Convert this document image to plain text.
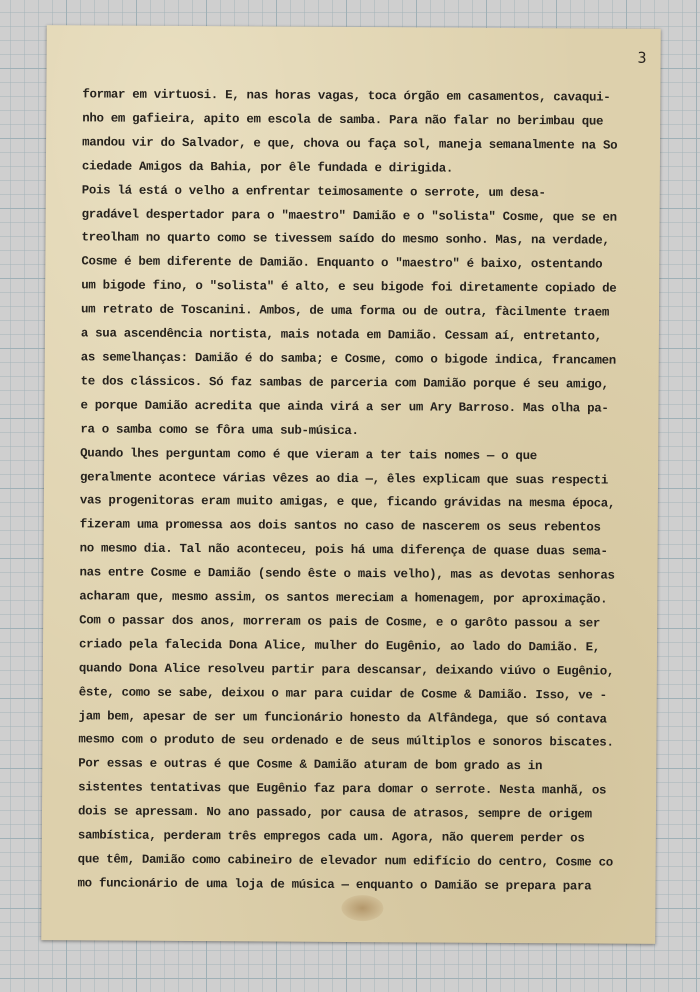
3
formar em virtuosi. E, nas horas vagas, toca órgão em casamentos, cavaqui-
nho em gafieira, apito em escola de samba. Para não falar no berimbau que
mandou vir do Salvador, e que, chova ou faça sol, maneja semanalmente na So
ciedade Amigos da Bahia, por êle fundada e dirigida.
Pois lá está o velho a enfrentar teimosamente o serrote, um desa-
gradável despertador para o "maestro" Damião e o "solista" Cosme, que se en
treolham no quarto como se tivessem saído do mesmo sonho. Mas, na verdade,
Cosme é bem diferente de Damião. Enquanto o "maestro" é baixo, ostentando
um bigode fino, o "solista" é alto, e seu bigode foi diretamente copiado de
um retrato de Toscanini. Ambos, de uma forma ou de outra, fàcilmente traem
a sua ascendência nortista, mais notada em Damião. Cessam aí, entretanto,
as semelhanças: Damião é do samba; e Cosme, como o bigode indica, francamen
te dos clássicos. Só faz sambas de parceria com Damião porque é seu amigo,
e porque Damião acredita que ainda virá a ser um Ary Barroso. Mas olha pa-
ra o samba como se fôra uma sub-música.
Quando lhes perguntam como é que vieram a ter tais nomes — o que
geralmente acontece várias vêzes ao dia —, êles explicam que suas respecti
vas progenitoras eram muito amigas, e que, ficando grávidas na mesma época,
fizeram uma promessa aos dois santos no caso de nascerem os seus rebentos
no mesmo dia. Tal não aconteceu, pois há uma diferença de quase duas sema-
nas entre Cosme e Damião (sendo êste o mais velho), mas as devotas senhoras
acharam que, mesmo assim, os santos mereciam a homenagem, por aproximação.
Com o passar dos anos, morreram os pais de Cosme, e o garôto passou a ser
criado pela falecida Dona Alice, mulher do Eugênio, ao lado do Damião. E,
quando Dona Alice resolveu partir para descansar, deixando viúvo o Eugênio,
êste, como se sabe, deixou o mar para cuidar de Cosme & Damião. Isso, ve -
jam bem, apesar de ser um funcionário honesto da Alfândega, que só contava
mesmo com o produto de seu ordenado e de seus múltiplos e sonoros biscates.
Por essas e outras é que Cosme & Damião aturam de bom grado as in
sistentes tentativas que Eugênio faz para domar o serrote. Nesta manhã, os
dois se apressam. No ano passado, por causa de atrasos, sempre de origem
sambística, perderam três empregos cada um. Agora, não querem perder os
que têm, Damião como cabineiro de elevador num edifício do centro, Cosme co
mo funcionário de uma loja de música — enquanto o Damião se prepara para
